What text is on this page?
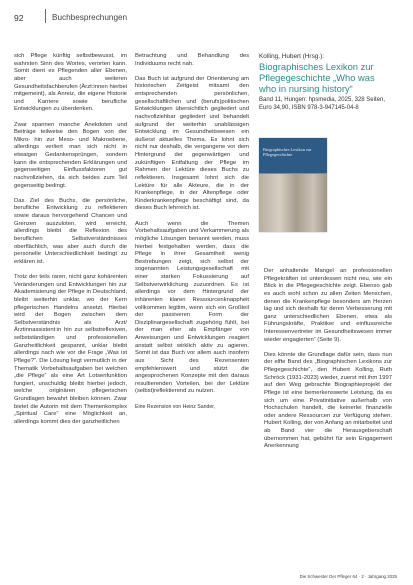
92	Buchbesprechungen

sich Pflege künftig selbstbewusst, im wahrsten Sinn des Wortes, verorten kann. Somit dient es Pflegenden aller Ebenen, aber auch weiteren Gesundheitsfachberufen (Ärzt:innen hierbei mitgemeint), als Anreiz, die eigene Historie und Karriere sowie berufliche Entwicklungen zu überdenken.

Zwar spannen manche Anekdoten und Beiträge teilweise den Bogen von der Mikro- hin zur Meso- und Makroebene, allerdings verliert man sich nicht in etwaigen Gedankensprüngen, sondern kann die entsprechenden Erklärungen und gegenseitigen Einflussfaktoren gut nachvollziehen, da sich beides zum Teil gegenseitig bedingt.

Das Ziel des Buchs, die persönliche, berufliche Entwicklung zu reflektieren sowie daraus hervorgehend Chancen und Grenzen auszuloten, wird erreicht, allerdings bleibt die Reflexion des beruflichen Selbstverständnisses oberflächlich, was aber auch durch die personelle Unterschiedlichkeit bedingt zu erklären ist.

Trotz der teils raren, nicht ganz kohärenten Veränderungen und Entwicklungen hin zur Akademisierung der Pflege in Deutschland, bleibt weiterhin unklar, wo der Kern pflegerischen Handelns ansetzt. Hierbei wird der Bogen zwischen dem Selbstverständnis als Arzt/ Ärztinnassistent:in hin zur selbstreflexiven, selbstständigen und professionellen Ganzheitlichkeit gespannt, unklar bleibt allerdings nach wie vor die Frage „Was ist Pflege?“. Die Lösung liegt vermutlich in der Thematik Vorbehaltsaufgaben bei welchen „die Pflege“ als eine Art Lotsenfunktion fungiert, unschuldig bleibt hierbei jedoch, welche originären pflegerischen Grundlagen bewahrt bleiben können. Zwar bietet die Autorin mit dem Themenkomplex „Spiritual Care“ eine Möglichkeit an, allerdings kommt dies der ganzheitlichen

Betrachtung und Behandlung des Individuums recht nah.

Das Buch ist aufgrund der Orientierung am historischen Zeitgeist mitsamt den entsprechenden persönlichen, gesellschaftlichen und (berufs)politischen Entwicklungen übersichtlich gegliedert und nachvollziehbar gegliedert und behandelt aufgrund der weiterhin unablässigen Entwicklung im Gesundheitswesen ein äußerst aktuelles Thema. Es lohnt sich nicht nur deshalb, die vergangene vor dem Hintergrund der gegenwärtigen und zukünftigen Entfaltung der Pflege im Rahmen der Lektüre dieses Buchs zu reflektieren. Insgesamt lohnt sich die Lektüre für alle Akteure, die in der Krankenpflege, in der Altenpflege oder Kinderkrankenpflege beschäftigt sind, da dieses Buch lehrreich ist.

Auch wenn die Themen Vorbehaltsaufgaben und Verkammerung als mögliche Lösungen benannt werden, muss hierbei festgehalten werden, dass die Pflege in ihrer Gesamtheit wenig Bestrebungen zeigt, sich selbst der sogenannten Leistungsgesellschaft mit einer starken Fokussierung auf Selbstverwirklichung zuzuordnen. Es ist allerdings vor dem Hintergrund der inhärenten klaren Ressourcenknappheit vollkommen legitim, wenn sich ein Großteil der passiveren Form der Disziplinargesellschaft zugehörig fühlt, bei der man eher als Empfänger von Anweisungen und Entwicklungen reagiert anstatt selbst wirklich aktiv zu agieren. Somit ist das Buch vor allem auch insofern aus Sicht des Rezensenten empfehlenswert und stützt die angesprochenen Konzepte mit den daraus resultierenden Vorteilen, bei der Lektüre (selbst)reflektierend zu nutzen.

Eine Rezension von Heinz Sander,

Kolling, Hubert (Hrsg.):

Biographisches Lexikon zur Pflegegeschichte „Who was who in nursing history“

Band 11, Hungen: hpsmedia, 2025, 328 Seiten, Euro 34,90, ISBN 978-3-947145-04-8

Biographisches Lexikon zur Pflegegeschichte

Der anhaltende Mangel an professionellen Pflegekräften ist unterdessen nicht neu, wie ein Blick in die Pflegegeschichte zeigt. Ebenso gab es auch wohl schon zu allen Zeiten Menschen, denen die Krankenpflege besonders am Herzen lag und sich deshalb für deren Verbesserung mit ganz unterschiedlichen Ebenen, etwa als Führungskräfte, Praktiker und einflussreiche Interessenvertreter im Gesundheitswesen immer wieder engagierten“ (Seite 9).

Dies könnte die Grundlage dafür sein, dass nun der elfte Band des „Biographischen Lexikons zur Pflegegeschichte“, den Hubert Kolling, Ruth Schröck (1931-2023) wieder, zuerst mit ihm 1997 auf den Weg gebrachte Biographieprojekt der Pflege ist eine bemerkenswerte Leistung, da es sich um eine Privatinitiative außerhalb von Hochschulen handelt, die keinerlei finanzielle oder andere Ressourcen zur Verfügung stehen. Hubert Kolling, der von Anfang an mitarbeitet und ab Band vier die Herausgeberschaft übernommen hat, gebührt für sein Engagement Anerkennung

Die Schwester Der Pfleger 64 · 2 · Jahrgang 2025
